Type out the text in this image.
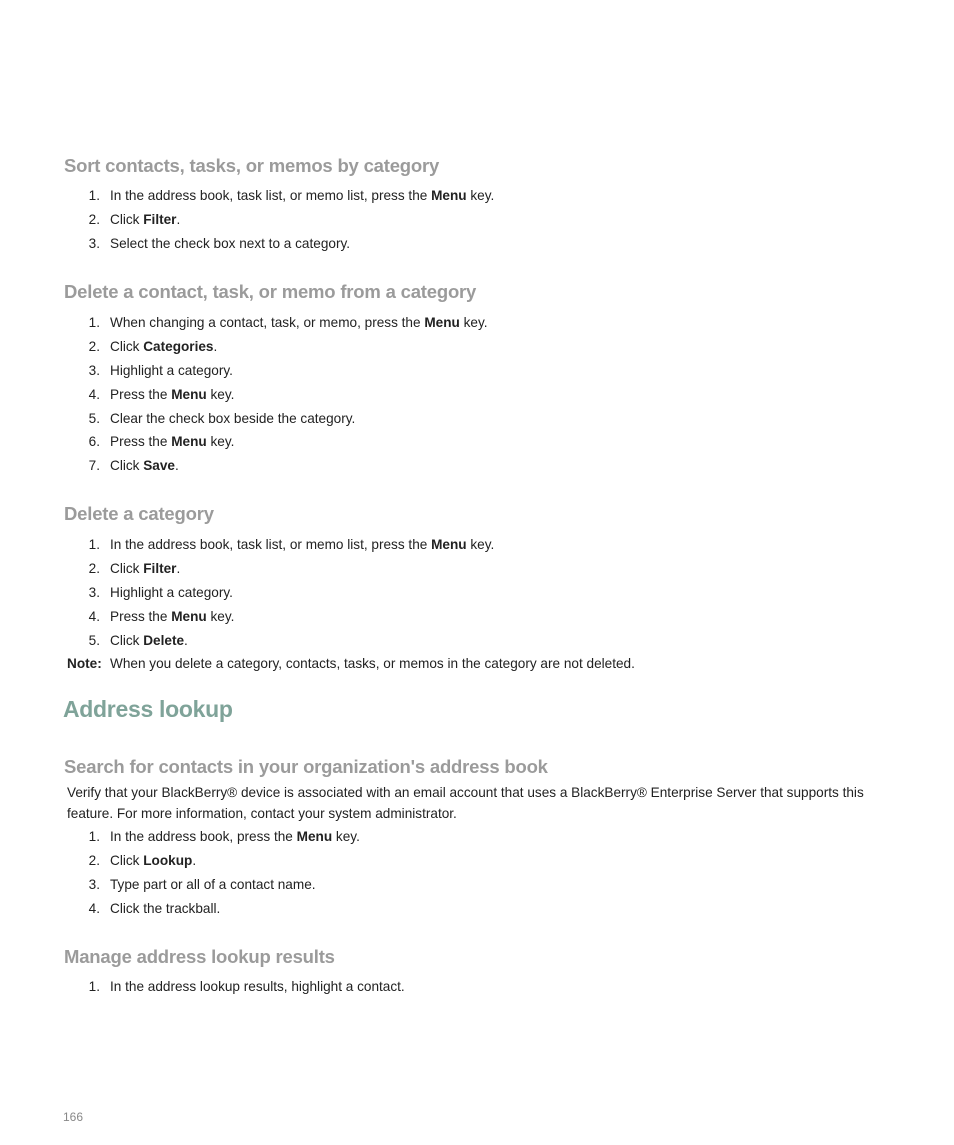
Sort contacts, tasks, or memos by category
1. In the address book, task list, or memo list, press the Menu key.
2. Click Filter.
3. Select the check box next to a category.
Delete a contact, task, or memo from a category
1. When changing a contact, task, or memo, press the Menu key.
2. Click Categories.
3. Highlight a category.
4. Press the Menu key.
5. Clear the check box beside the category.
6. Press the Menu key.
7. Click Save.
Delete a category
1. In the address book, task list, or memo list, press the Menu key.
2. Click Filter.
3. Highlight a category.
4. Press the Menu key.
5. Click Delete.
Note: When you delete a category, contacts, tasks, or memos in the category are not deleted.
Address lookup
Search for contacts in your organization's address book
Verify that your BlackBerry® device is associated with an email account that uses a BlackBerry® Enterprise Server that supports this feature. For more information, contact your system administrator.
1. In the address book, press the Menu key.
2. Click Lookup.
3. Type part or all of a contact name.
4. Click the trackball.
Manage address lookup results
1. In the address lookup results, highlight a contact.
166
